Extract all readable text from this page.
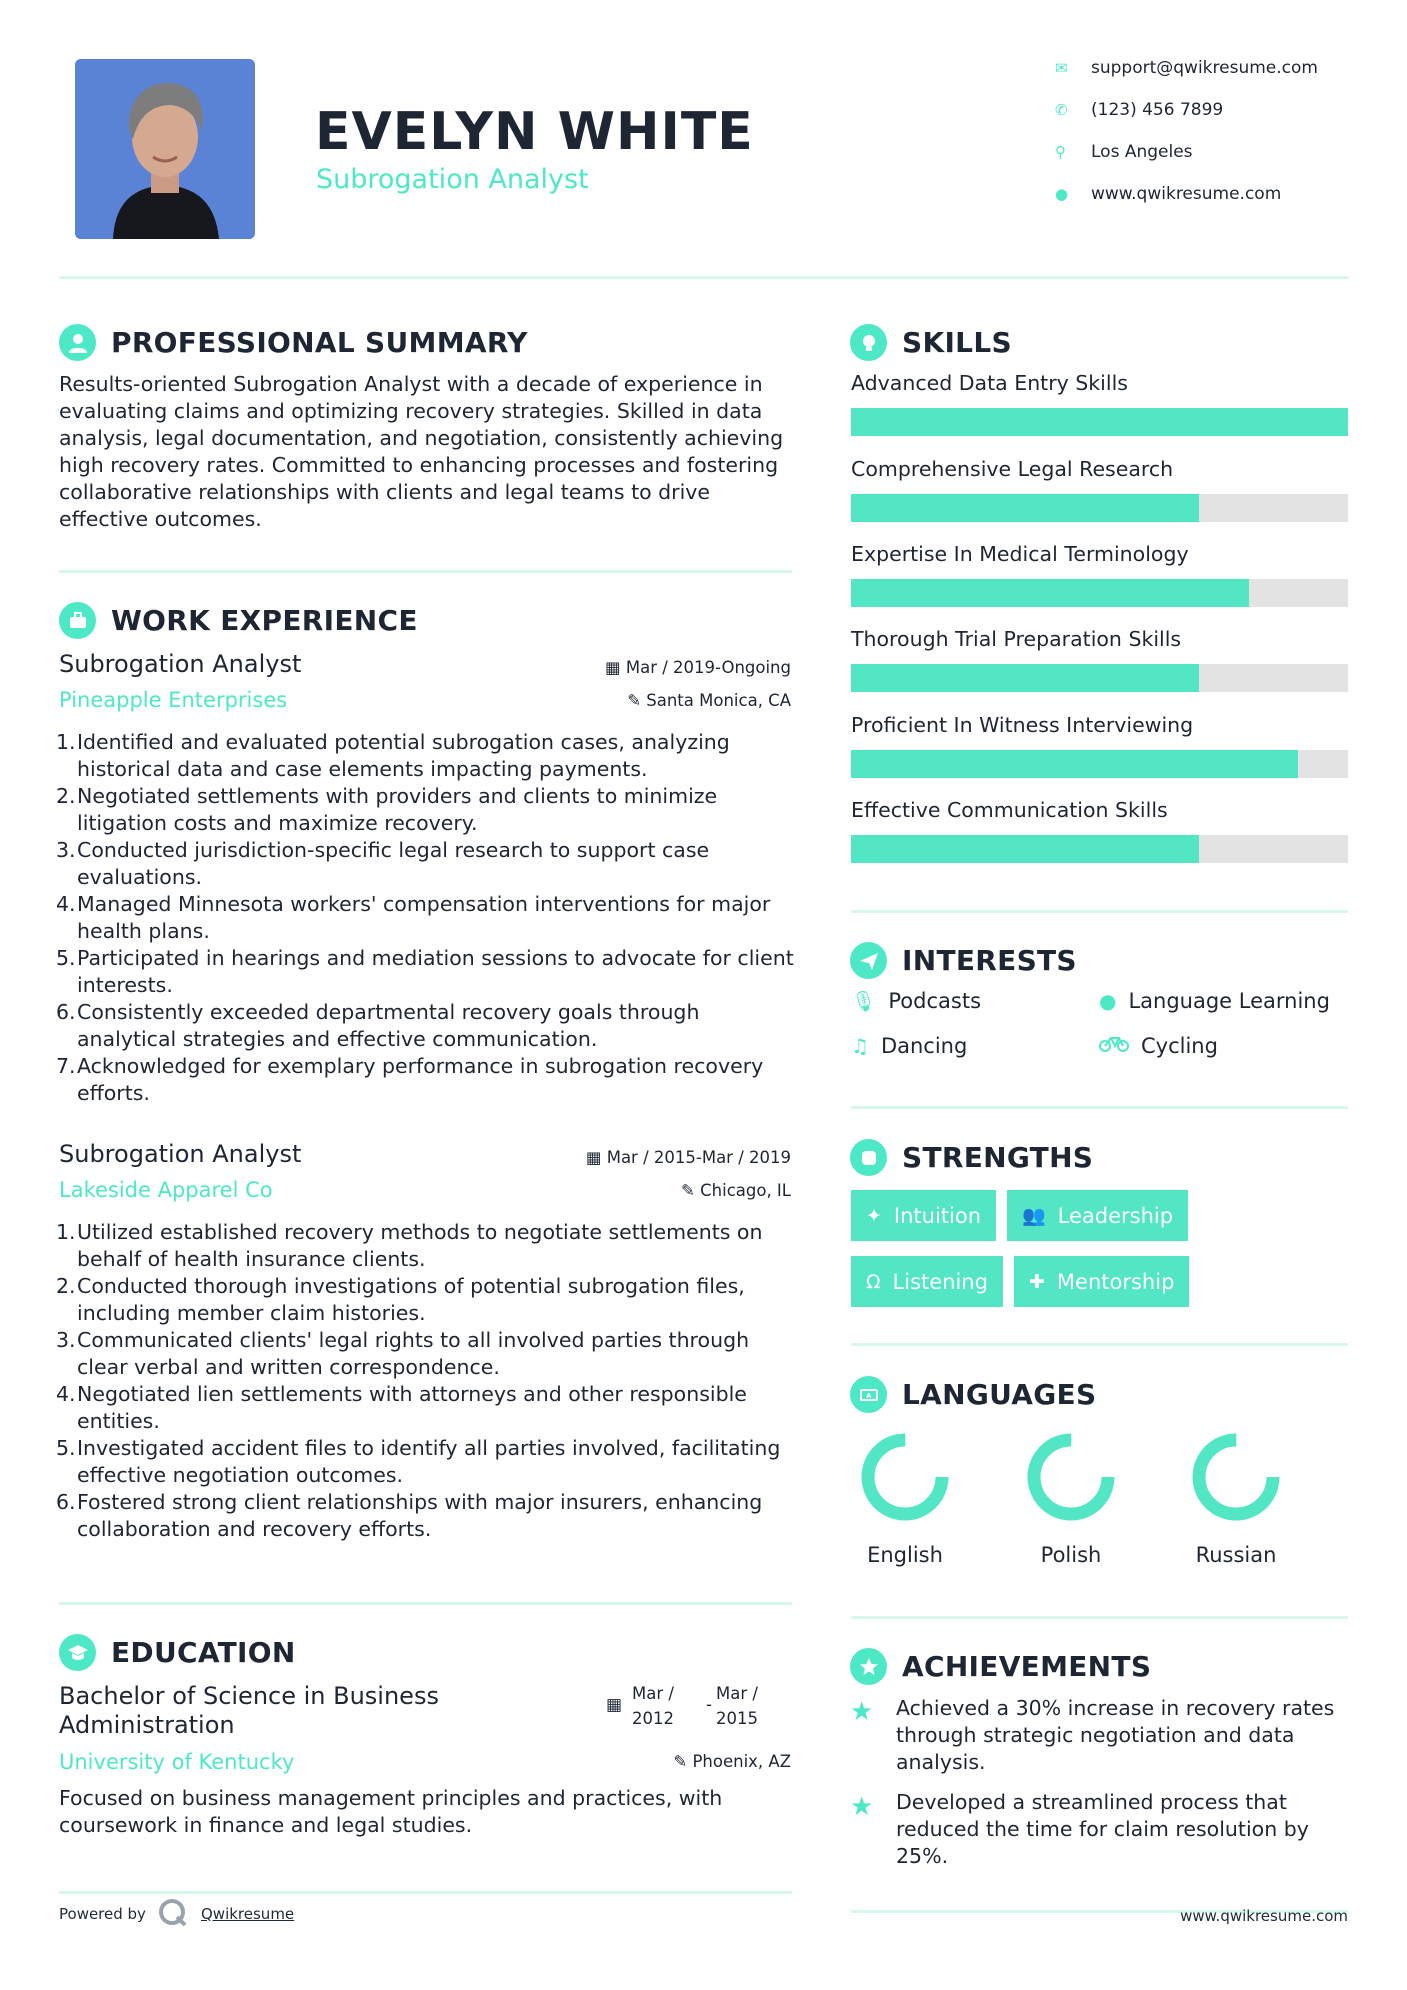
EVELYN WHITE
Subrogation Analyst
✉	support@qwikresume.com
✆	(123) 456 7899
⚲	Los Angeles
●	www.qwikresume.com
PROFESSIONAL SUMMARY
Results-oriented Subrogation Analyst with a decade of experience in evaluating claims and optimizing recovery strategies. Skilled in data analysis, legal documentation, and negotiation, consistently achieving high recovery rates. Committed to enhancing processes and fostering collaborative relationships with clients and legal teams to drive effective outcomes.
WORK EXPERIENCE
Subrogation Analyst
Pineapple Enterprises
▦ Mar / 2019-Ongoing
✎ Santa Monica, CA
1. Identified and evaluated potential subrogation cases, analyzing historical data and case elements impacting payments.
2. Negotiated settlements with providers and clients to minimize litigation costs and maximize recovery.
3. Conducted jurisdiction-specific legal research to support case evaluations.
4. Managed Minnesota workers' compensation interventions for major health plans.
5. Participated in hearings and mediation sessions to advocate for client interests.
6. Consistently exceeded departmental recovery goals through analytical strategies and effective communication.
7. Acknowledged for exemplary performance in subrogation recovery efforts.
Subrogation Analyst
Lakeside Apparel Co
▦ Mar / 2015-Mar / 2019
✎ Chicago, IL
1. Utilized established recovery methods to negotiate settlements on behalf of health insurance clients.
2. Conducted thorough investigations of potential subrogation files, including member claim histories.
3. Communicated clients' legal rights to all involved parties through clear verbal and written correspondence.
4. Negotiated lien settlements with attorneys and other responsible entities.
5. Investigated accident files to identify all parties involved, facilitating effective negotiation outcomes.
6. Fostered strong client relationships with major insurers, enhancing collaboration and recovery efforts.
EDUCATION
Bachelor of Science in Business
Administration
University of Kentucky
▦
Mar /
2012
-
Mar /
2015
✎ Phoenix, AZ
Focused on business management principles and practices, with coursework in finance and legal studies.
Powered by	Qwikresume
SKILLS
Advanced Data Entry Skills
Comprehensive Legal Research
Expertise In Medical Terminology
Thorough Trial Preparation Skills
Proficient In Witness Interviewing
Effective Communication Skills
INTERESTS
🎙 Podcasts	● Language Learning
♫ Dancing	Cycling
STRENGTHS
✦ Intuition 👥 Leadership
Ω Listening ✚ Mentorship
A LANGUAGES
English	Polish	Russian
ACHIEVEMENTS
★ Achieved a 30% increase in recovery rates through strategic negotiation and data analysis.
★ Developed a streamlined process that reduced the time for claim resolution by 25%.
www.qwikresume.com
